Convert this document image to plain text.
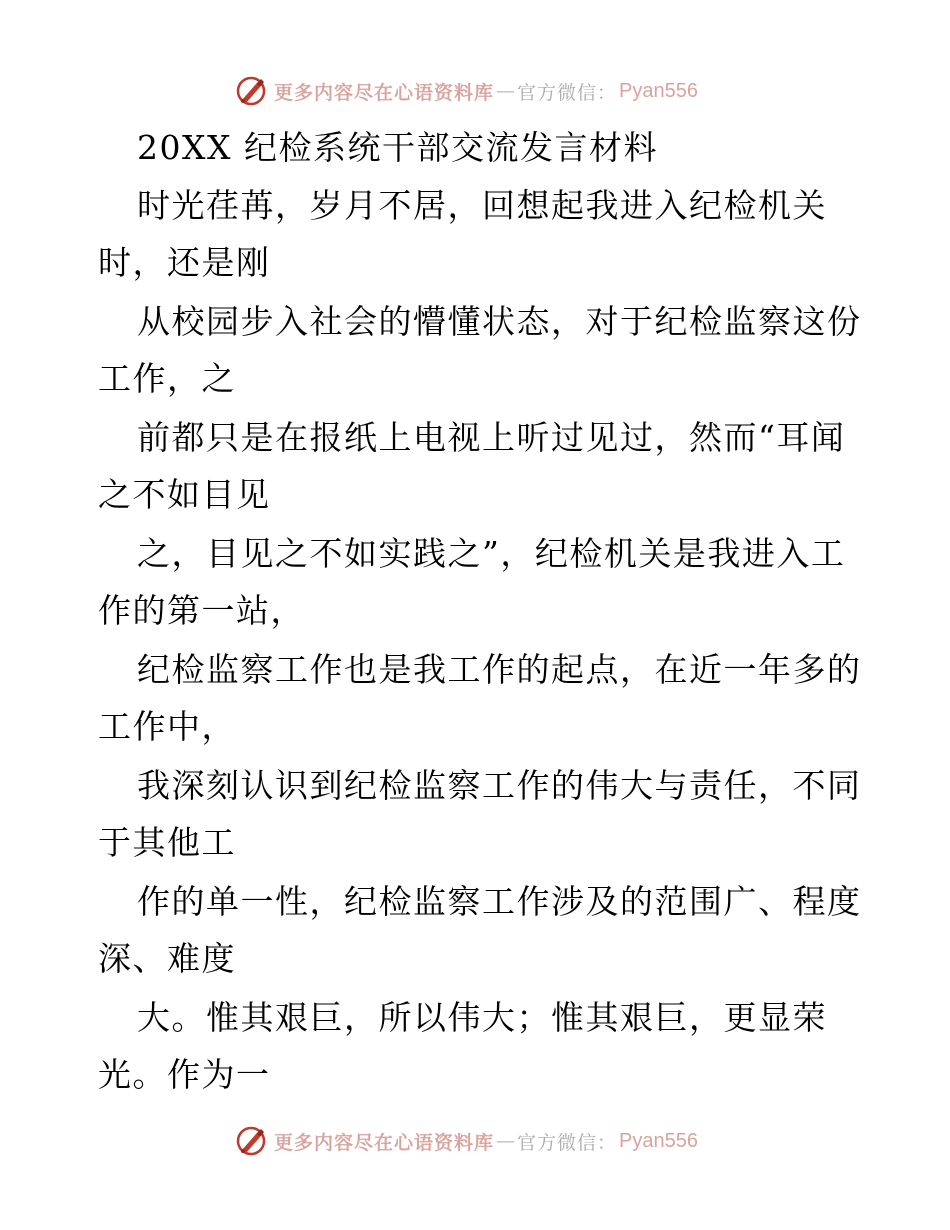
更多内容尽在心语资料库 — 官方微信： Pyan556
20XX 纪检系统干部交流发言材料
时光荏苒，岁月不居，回想起我进入纪检机关
时，还是刚
从校园步入社会的懵懂状态，对于纪检监察这份
工作，之
前都只是在报纸上电视上听过见过，然而“耳闻
之不如目见
之，目见之不如实践之”，纪检机关是我进入工
作的第一站，
纪检监察工作也是我工作的起点，在近一年多的
工作中，
我深刻认识到纪检监察工作的伟大与责任，不同
于其他工
作的单一性，纪检监察工作涉及的范围广、程度
深、难度
大。惟其艰巨，所以伟大；惟其艰巨，更显荣
光。作为一
更多内容尽在心语资料库 — 官方微信： Pyan556
